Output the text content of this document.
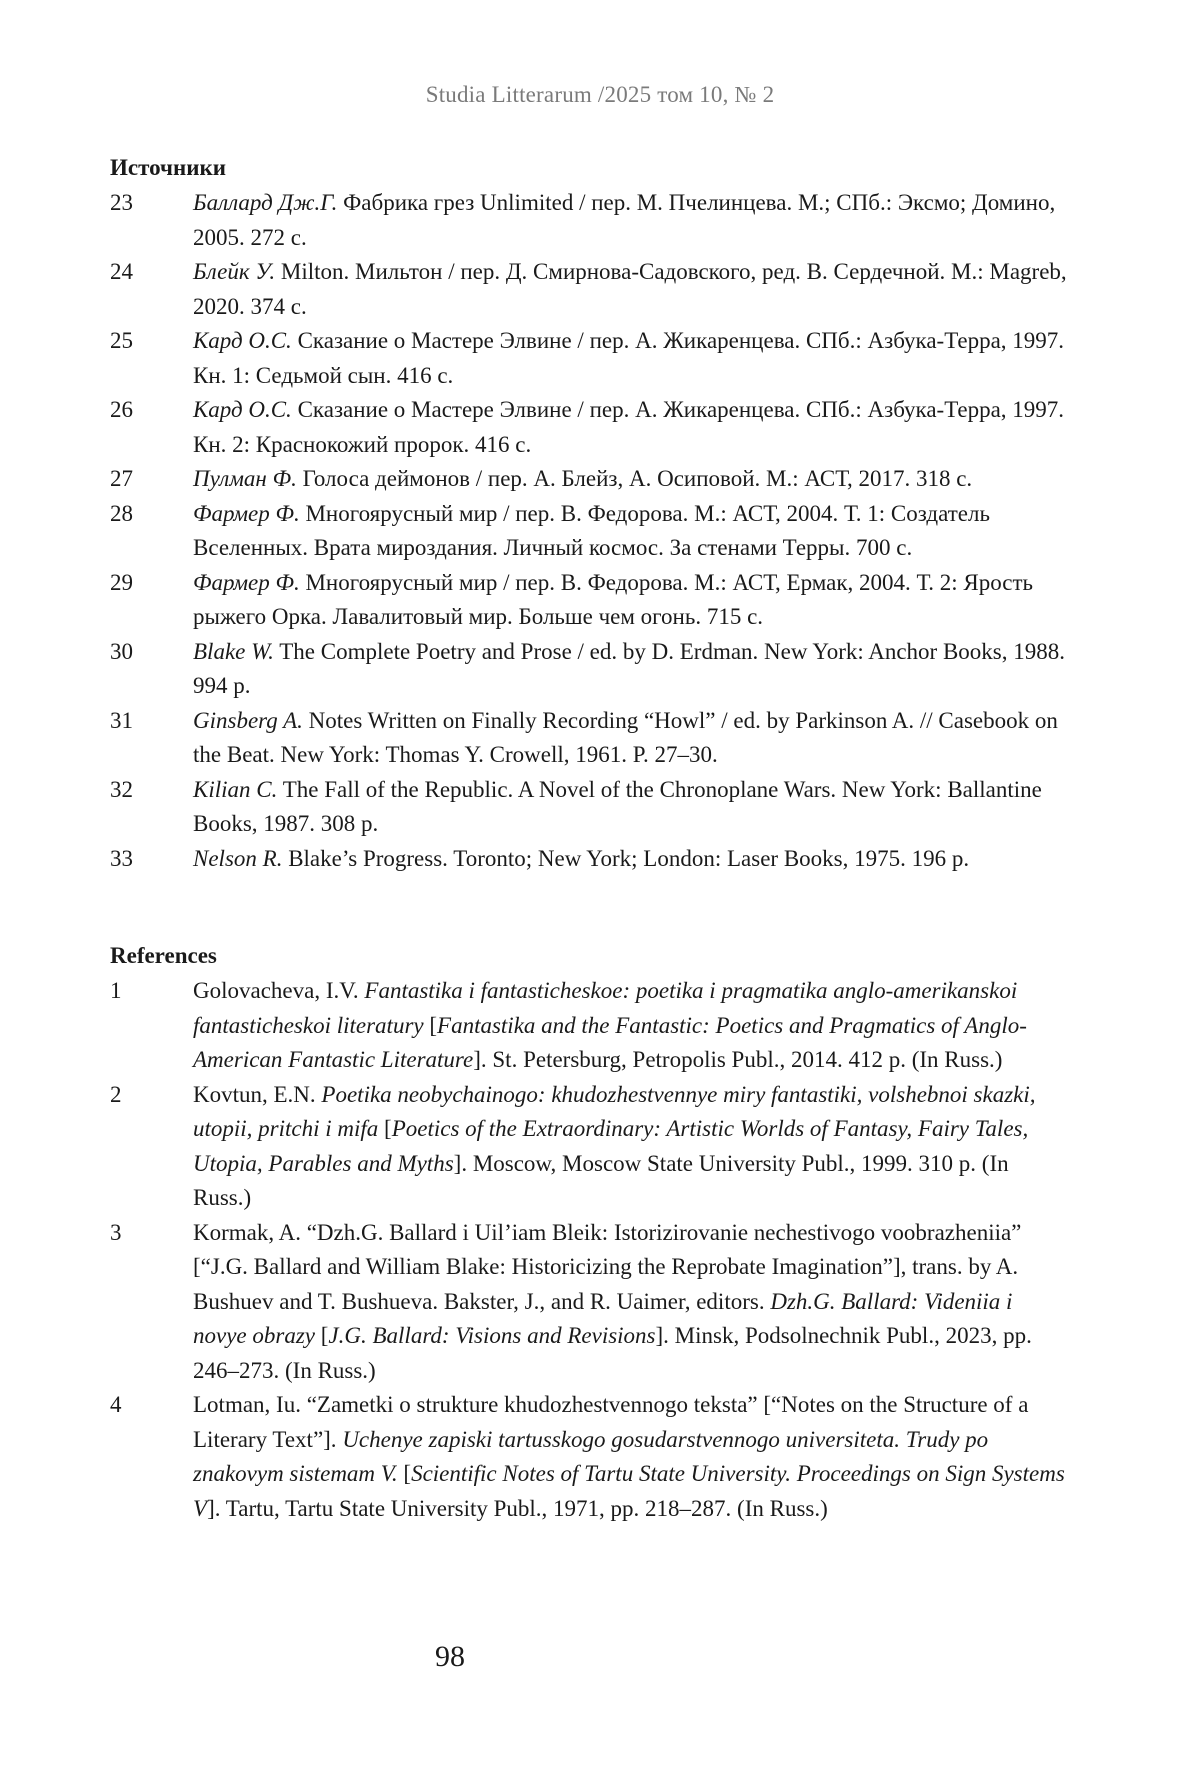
Studia Litterarum /2025 том 10, № 2
Источники
23	Баллард Дж.Г. Фабрика грез Unlimited / пер. М. Пчелинцева. М.; СПб.: Эксмо; Домино, 2005. 272 с.
24	Блейк У. Milton. Мильтон / пер. Д. Смирнова-Садовского, ред. В. Сердечной. М.: Magreb, 2020. 374 с.
25	Кард О.С. Сказание о Мастере Элвине / пер. А. Жикаренцева. СПб.: Азбука-Терра, 1997. Кн. 1: Седьмой сын. 416 с.
26	Кард О.С. Сказание о Мастере Элвине / пер. А. Жикаренцева. СПб.: Азбука-Терра, 1997. Кн. 2: Краснокожий пророк. 416 с.
27	Пулман Ф. Голоса деймонов / пер. А. Блейз, А. Осиповой. М.: АСТ, 2017. 318 с.
28	Фармер Ф. Многоярусный мир / пер. В. Федорова. М.: АСТ, 2004. Т. 1: Создатель Вселенных. Врата мироздания. Личный космос. За стенами Терры. 700 с.
29	Фармер Ф. Многоярусный мир / пер. В. Федорова. М.: АСТ, Ермак, 2004. Т. 2: Ярость рыжего Орка. Лавалитовый мир. Больше чем огонь. 715 с.
30	Blake W. The Complete Poetry and Prose / ed. by D. Erdman. New York: Anchor Books, 1988. 994 p.
31	Ginsberg A. Notes Written on Finally Recording “Howl” / ed. by Parkinson A. // Casebook on the Beat. New York: Thomas Y. Crowell, 1961. P. 27–30.
32	Kilian C. The Fall of the Republic. A Novel of the Chronoplane Wars. New York: Ballantine Books, 1987. 308 p.
33	Nelson R. Blake’s Progress. Toronto; New York; London: Laser Books, 1975. 196 p.
References
1	Golovacheva, I.V. Fantastika i fantasticheskoe: poetika i pragmatika anglo-amerikanskoi fantasticheskoi literatury [Fantastika and the Fantastic: Poetics and Pragmatics of Anglo-American Fantastic Literature]. St. Petersburg, Petropolis Publ., 2014. 412 p. (In Russ.)
2	Kovtun, E.N. Poetika neobychainogo: khudozhestvennye miry fantastiki, volshebnoi skazki, utopii, pritchi i mifa [Poetics of the Extraordinary: Artistic Worlds of Fantasy, Fairy Tales, Utopia, Parables and Myths]. Moscow, Moscow State University Publ., 1999. 310 p. (In Russ.)
3	Kormak, A. “Dzh.G. Ballard i Uil’iam Bleik: Istorizirovanie nechestivogo voobrazheniia” [“J.G. Ballard and William Blake: Historicizing the Reprobate Imagination”], trans. by A. Bushuev and T. Bushueva. Bakster, J., and R. Uaimer, editors. Dzh.G. Ballard: Videniia i novye obrazy [J.G. Ballard: Visions and Revisions]. Minsk, Podsolnechnik Publ., 2023, pp. 246–273. (In Russ.)
4	Lotman, Iu. “Zametki o strukture khudozhestvennogo teksta” [“Notes on the Structure of a Literary Text”]. Uchenye zapiski tartusskogo gosudarstvennogo universiteta. Trudy po znakovym sistemam V. [Scientific Notes of Tartu State University. Proceedings on Sign Systems V]. Tartu, Tartu State University Publ., 1971, pp. 218–287. (In Russ.)
98
